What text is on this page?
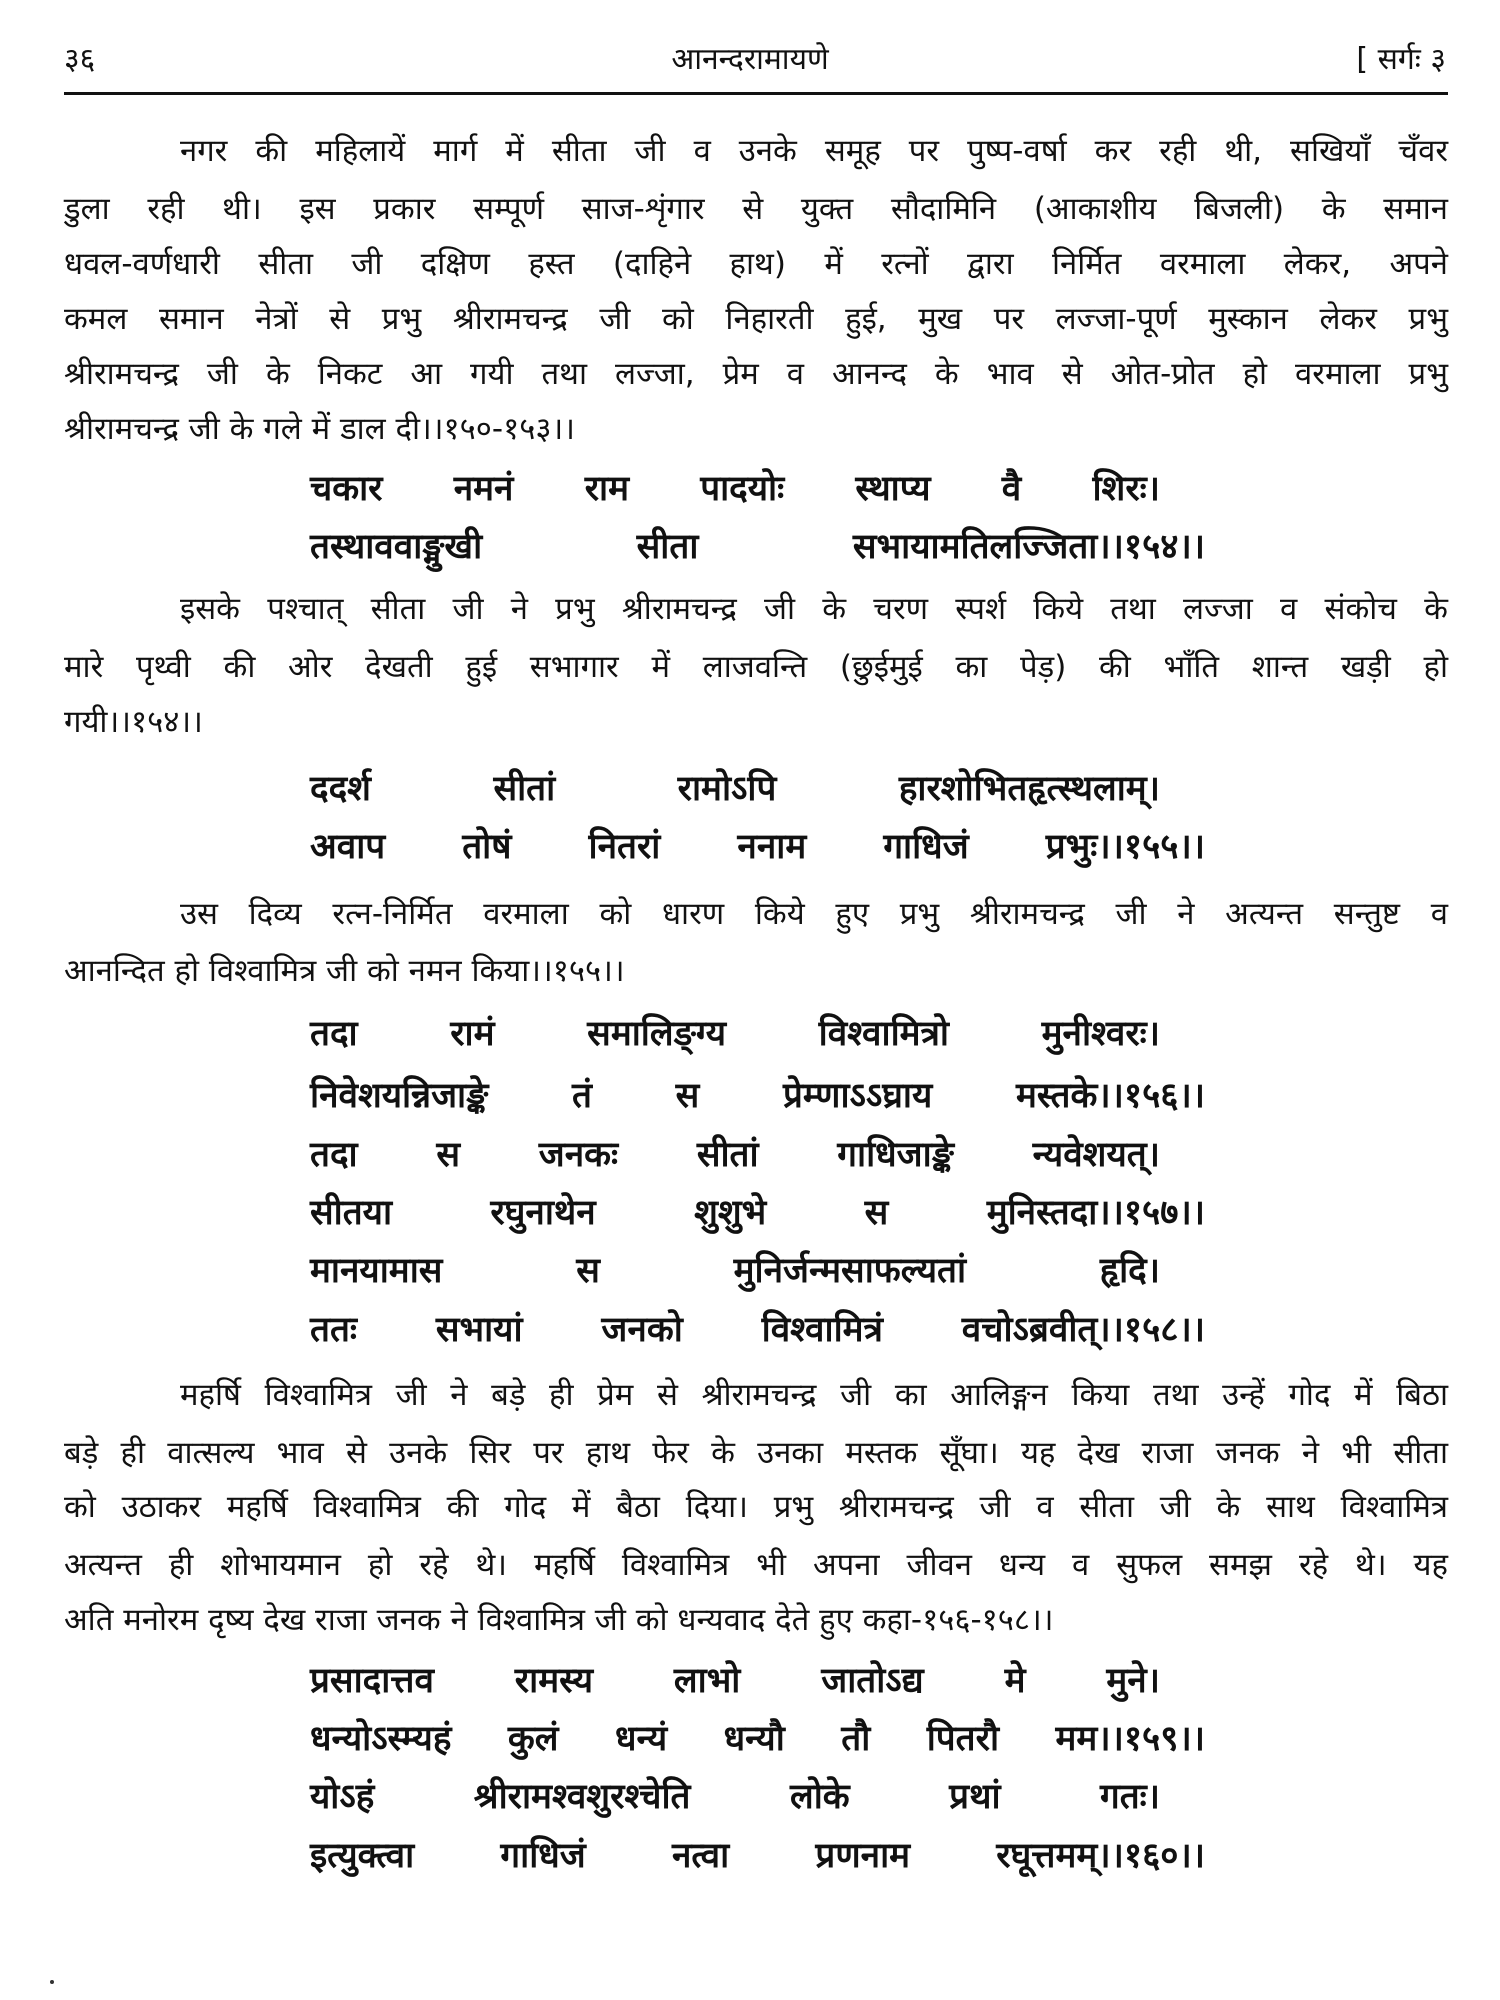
३६	आनन्दरामायणे	[ सर्गः ३
नगर की महिलायें मार्ग में सीता जी व उनके समूह पर पुष्प-वर्षा कर रही थी, सखियाँ चँवर
डुला रही थी। इस प्रकार सम्पूर्ण साज-शृंगार से युक्त सौदामिनि (आकाशीय बिजली) के समान
धवल-वर्णधारी सीता जी दक्षिण हस्त (दाहिने हाथ) में रत्नों द्वारा निर्मित वरमाला लेकर, अपने
कमल समान नेत्रों से प्रभु श्रीरामचन्द्र जी को निहारती हुई, मुख पर लज्जा-पूर्ण मुस्कान लेकर प्रभु
श्रीरामचन्द्र जी के निकट आ गयी तथा लज्जा, प्रेम व आनन्द के भाव से ओत-प्रोत हो वरमाला प्रभु
श्रीरामचन्द्र जी के गले में डाल दी।।१५०-१५३।।
चकार नमनं राम पादयोः स्थाप्य वै शिरः।
तस्थाववाङ्मुखी सीता सभायामतिलज्जिता।।१५४।।
इसके पश्चात् सीता जी ने प्रभु श्रीरामचन्द्र जी के चरण स्पर्श किये तथा लज्जा व संकोच के
मारे पृथ्वी की ओर देखती हुई सभागार में लाजवन्ति (छुईमुई का पेड़) की भाँति शान्त खड़ी हो
गयी।।१५४।।
ददर्श सीतां रामोऽपि हारशोभितहृत्स्थलाम्।
अवाप तोषं नितरां ननाम गाधिजं प्रभुः।।१५५।।
उस दिव्य रत्न-निर्मित वरमाला को धारण किये हुए प्रभु श्रीरामचन्द्र जी ने अत्यन्त सन्तुष्ट व
आनन्दित हो विश्वामित्र जी को नमन किया।।१५५।।
तदा रामं समालिङ्ग्य विश्वामित्रो मुनीश्वरः।
निवेशयन्निजाङ्के तं स प्रेम्णाऽऽघ्राय मस्तके।।१५६।।
तदा स जनकः सीतां गाधिजाङ्के न्यवेशयत्।
सीतया रघुनाथेन शुशुभे स मुनिस्तदा।।१५७।।
मानयामास स मुनिर्जन्मसाफल्यतां हृदि।
ततः सभायां जनको विश्वामित्रं वचोऽब्रवीत्।।१५८।।
महर्षि विश्वामित्र जी ने बड़े ही प्रेम से श्रीरामचन्द्र जी का आलिङ्गन किया तथा उन्हें गोद में बिठा
बड़े ही वात्सल्य भाव से उनके सिर पर हाथ फेर के उनका मस्तक सूँघा। यह देख राजा जनक ने भी सीता
को उठाकर महर्षि विश्वामित्र की गोद में बैठा दिया। प्रभु श्रीरामचन्द्र जी व सीता जी के साथ विश्वामित्र
अत्यन्त ही शोभायमान हो रहे थे। महर्षि विश्वामित्र भी अपना जीवन धन्य व सुफल समझ रहे थे। यह
अति मनोरम दृष्य देख राजा जनक ने विश्वामित्र जी को धन्यवाद देते हुए कहा-१५६-१५८।।
प्रसादात्तव रामस्य लाभो जातोऽद्य मे मुने।
धन्योऽस्म्यहं कुलं धन्यं धन्यौ तौ पितरौ मम।।१५९।।
योऽहं श्रीरामश्वशुरश्चेति लोके प्रथां गतः।
इत्युक्त्वा गाधिजं नत्वा प्रणनाम रघूत्तमम्।।१६०।।
